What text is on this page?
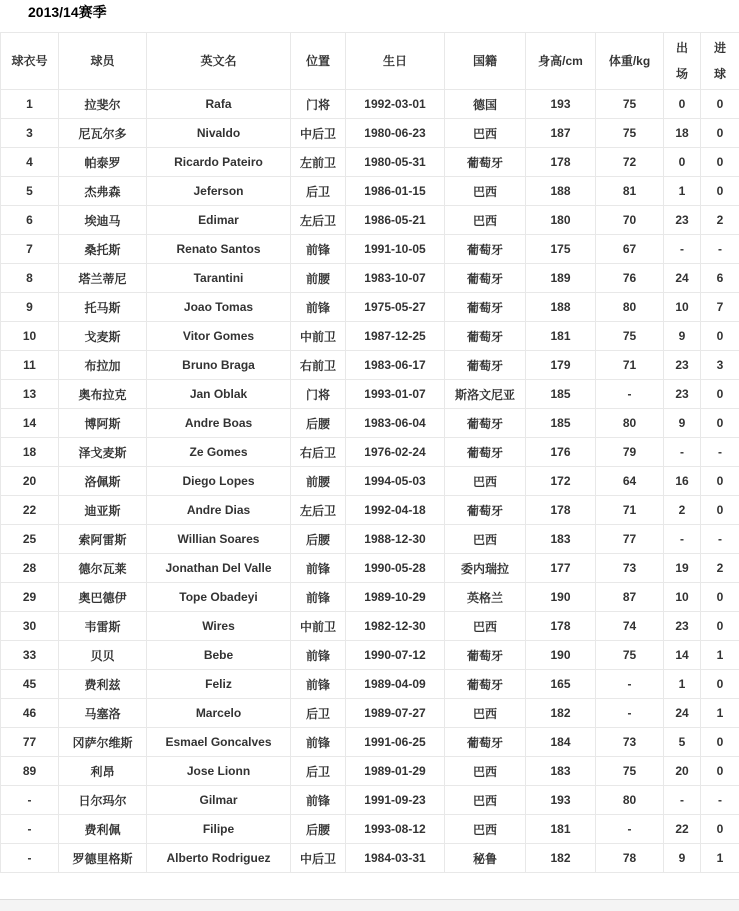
2013/14赛季
球衣号	球员	英文名	位置	生日	国籍	身高/cm	体重/kg	出场	进球
1	拉斐尔	Rafa	门将	1992-03-01	德国	193	75	0	0
3	尼瓦尔多	Nivaldo	中后卫	1980-06-23	巴西	187	75	18	0
4	帕泰罗	Ricardo Pateiro	左前卫	1980-05-31	葡萄牙	178	72	0	0
5	杰弗森	Jeferson	后卫	1986-01-15	巴西	188	81	1	0
6	埃迪马	Edimar	左后卫	1986-05-21	巴西	180	70	23	2
7	桑托斯	Renato Santos	前锋	1991-10-05	葡萄牙	175	67	-	-
8	塔兰蒂尼	Tarantini	前腰	1983-10-07	葡萄牙	189	76	24	6
9	托马斯	Joao Tomas	前锋	1975-05-27	葡萄牙	188	80	10	7
10	戈麦斯	Vitor Gomes	中前卫	1987-12-25	葡萄牙	181	75	9	0
11	布拉加	Bruno Braga	右前卫	1983-06-17	葡萄牙	179	71	23	3
13	奥布拉克	Jan Oblak	门将	1993-01-07	斯洛文尼亚	185	-	23	0
14	博阿斯	Andre Boas	后腰	1983-06-04	葡萄牙	185	80	9	0
18	泽戈麦斯	Ze Gomes	右后卫	1976-02-24	葡萄牙	176	79	-	-
20	洛佩斯	Diego Lopes	前腰	1994-05-03	巴西	172	64	16	0
22	迪亚斯	Andre Dias	左后卫	1992-04-18	葡萄牙	178	71	2	0
25	索阿雷斯	Willian Soares	后腰	1988-12-30	巴西	183	77	-	-
28	德尔瓦莱	Jonathan Del Valle	前锋	1990-05-28	委内瑞拉	177	73	19	2
29	奥巴德伊	Tope Obadeyi	前锋	1989-10-29	英格兰	190	87	10	0
30	韦雷斯	Wires	中前卫	1982-12-30	巴西	178	74	23	0
33	贝贝	Bebe	前锋	1990-07-12	葡萄牙	190	75	14	1
45	费利兹	Feliz	前锋	1989-04-09	葡萄牙	165	-	1	0
46	马塞洛	Marcelo	后卫	1989-07-27	巴西	182	-	24	1
77	冈萨尔维斯	Esmael Goncalves	前锋	1991-06-25	葡萄牙	184	73	5	0
89	利昂	Jose Lionn	后卫	1989-01-29	巴西	183	75	20	0
-	日尔玛尔	Gilmar	前锋	1991-09-23	巴西	193	80	-	-
-	费利佩	Filipe	后腰	1993-08-12	巴西	181	-	22	0
-	罗德里格斯	Alberto Rodriguez	中后卫	1984-03-31	秘鲁	182	78	9	1
